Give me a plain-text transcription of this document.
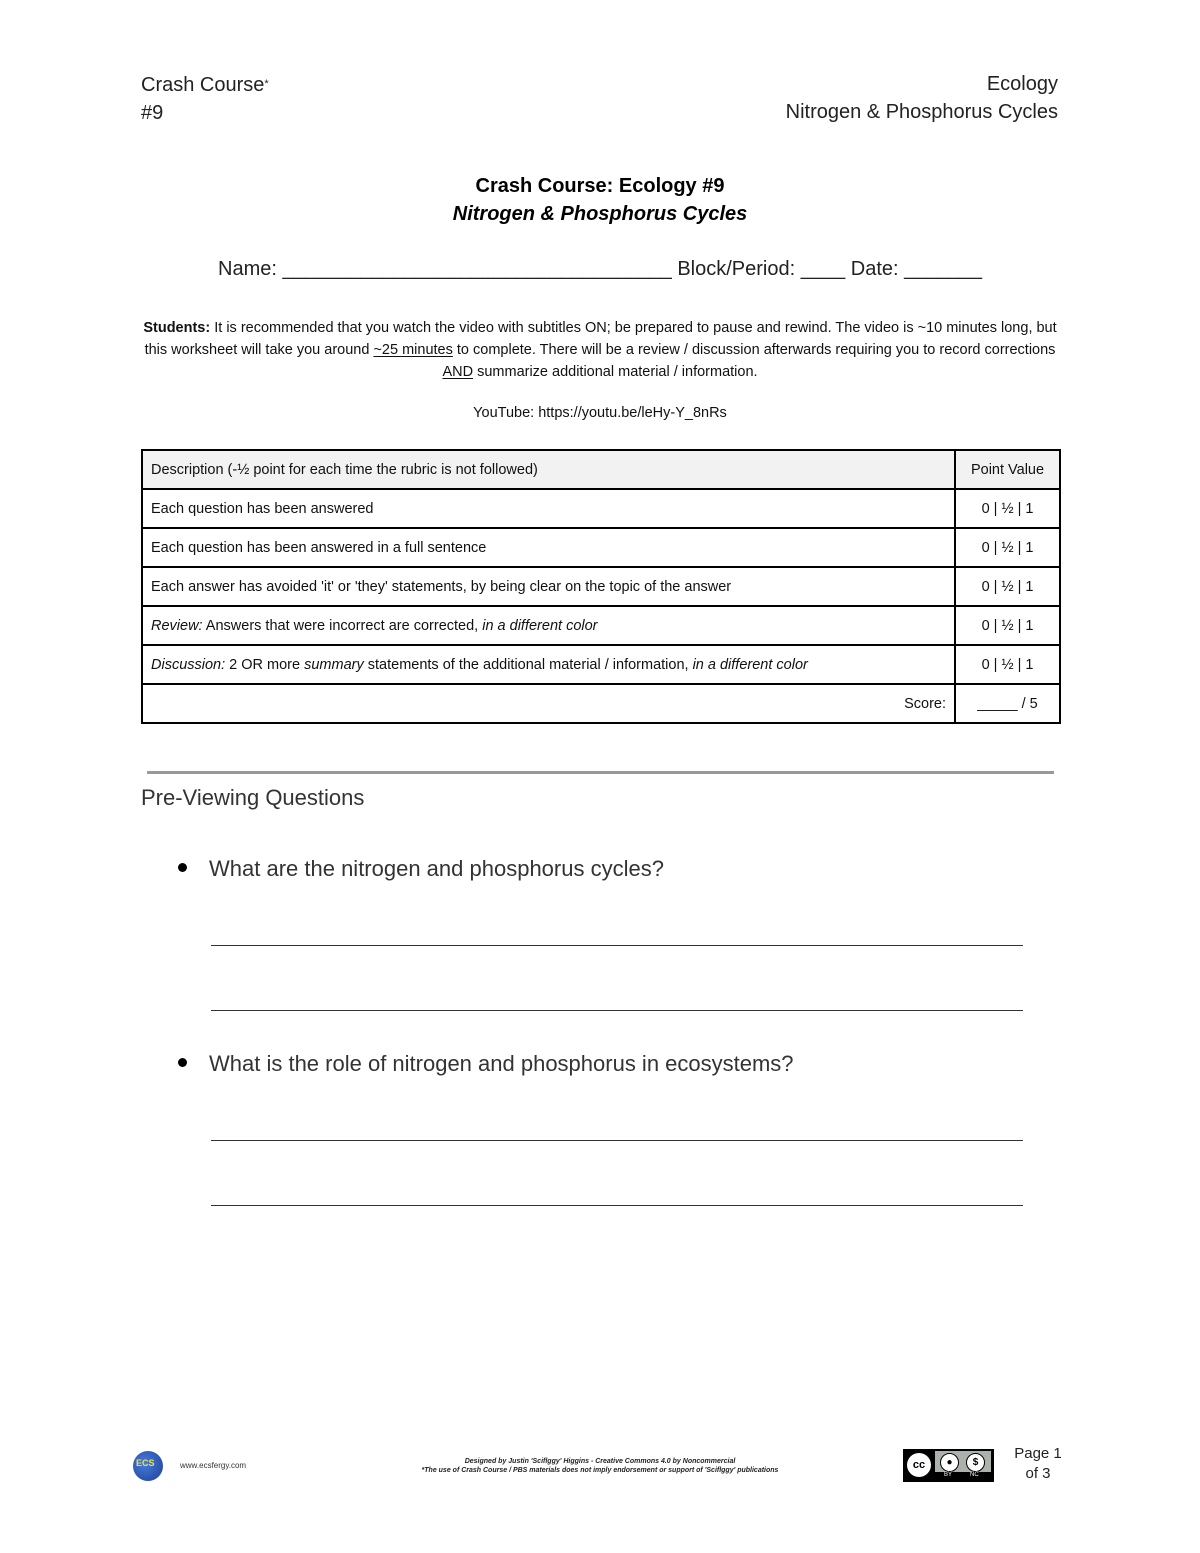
Crash Course*
#9
Ecology
Nitrogen & Phosphorus Cycles
Crash Course: Ecology #9
Nitrogen & Phosphorus Cycles
Name: ___________________________________ Block/Period: ____ Date: _______
Students: It is recommended that you watch the video with subtitles ON; be prepared to pause and rewind. The video is ~10 minutes long, but this worksheet will take you around ~25 minutes to complete. There will be a review / discussion afterwards requiring you to record corrections AND summarize additional material / information.
YouTube: https://youtu.be/leHy-Y_8nRs
Description (-½ point for each time the rubric is not followed)	Point Value
Each question has been answered	0 | ½ | 1
Each question has been answered in a full sentence	0 | ½ | 1
Each answer has avoided 'it' or 'they' statements, by being clear on the topic of the answer	0 | ½ | 1
Review: Answers that were incorrect are corrected, in a different color	0 | ½ | 1
Discussion: 2 OR more summary statements of the additional material / information, in a different color	0 | ½ | 1
Score:	_____ / 5
Pre-Viewing Questions
What are the nitrogen and phosphorus cycles?
What is the role of nitrogen and phosphorus in ecosystems?
ECS	www.ecsfergy.com	Designed by Justin 'Sciflggy' Higgins - Creative Commons 4.0 by Noncommercial
*The use of Crash Course / PBS materials does not imply endorsement or support of 'Sciflggy' publications	cc	●	$
BY	NC
Page 1
of 3
